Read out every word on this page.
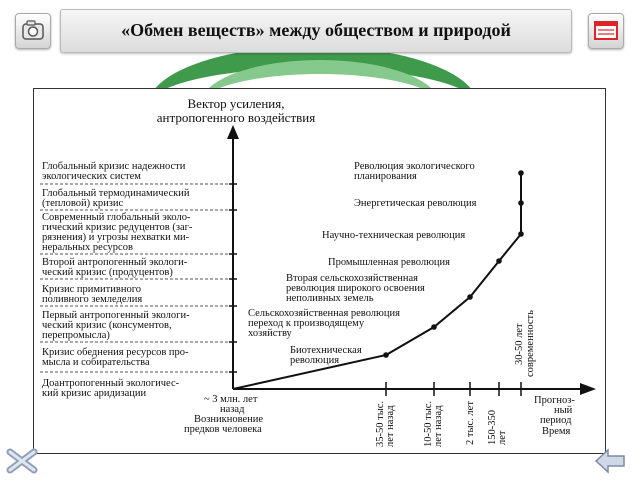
«Обмен веществ» между обществом и природой
Вектор усиления,
антропогенного воздействия
Глобальный кризис надежности
экологических систем
Глобальный термодинамический
(тепловой) кризис
Современный глобальный эколо-
гический кризис редуцентов (заг-
рязнения) и угрозы нехватки ми-
неральных ресурсов
Второй антропогенный экологи-
ческий кризис (продуцентов)
Кризис примитивного
поливного земледелия
Первый антропогенный экологи-
ческий кризис (консументов,
перепромысла)
Кризис обеднения ресурсов про-
мысла и собирательства
Доантропогенный экологичес-
кий кризис аридизации
Революция экологического
планирования
Энергетическая революция
Научно-техническая революция
Промышленная революция
Вторая сельскохозяйственная
революция широкого освоения
неполивных земель
Сельскохозяйственная революция
переход к производящему
хозяйству
Биотехническая
революция
~ 3 млн. лет
назад
Возникновение
предков человека	35-50 тыс. лет назад	10-50 тыс. лет назад 2 тыс. лет 150-350 лет
30-50 лет современность
Прогноз-
ный
период
Время
